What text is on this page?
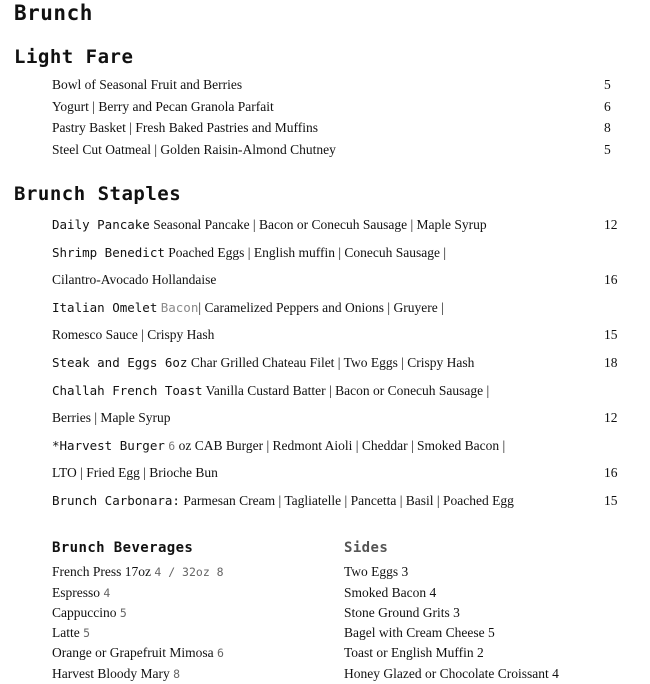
Brunch
Light Fare
Bowl of Seasonal Fruit and Berries	5
Yogurt | Berry and Pecan Granola Parfait	6
Pastry Basket | Fresh Baked Pastries and Muffins	8
Steel Cut Oatmeal | Golden Raisin-Almond Chutney	5
Brunch Staples
Daily Pancake Seasonal Pancake | Bacon or Conecuh Sausage | Maple Syrup	12
Shrimp Benedict Poached Eggs | English muffin | Conecuh Sausage |
Cilantro-Avocado Hollandaise	16
Italian Omelet Bacon| Caramelized Peppers and Onions | Gruyere |
Romesco Sauce | Crispy Hash	15
Steak and Eggs 6oz Char Grilled Chateau Filet | Two Eggs | Crispy Hash	18
Challah French Toast Vanilla Custard Batter | Bacon or Conecuh Sausage |
Berries | Maple Syrup	12
*Harvest Burger 6 oz CAB Burger | Redmont Aioli | Cheddar | Smoked Bacon |
LTO | Fried Egg | Brioche Bun	16
Brunch Carbonara: Parmesan Cream | Tagliatelle | Pancetta | Basil | Poached Egg	15
Brunch Beverages
French Press 17oz 4 / 32oz 8
Espresso 4
Cappuccino 5
Latte 5
Orange or Grapefruit Mimosa 6
Harvest Bloody Mary 8
Sides
Two Eggs 3
Smoked Bacon 4
Stone Ground Grits 3
Bagel with Cream Cheese 5
Toast or English Muffin 2
Honey Glazed or Chocolate Croissant 4
